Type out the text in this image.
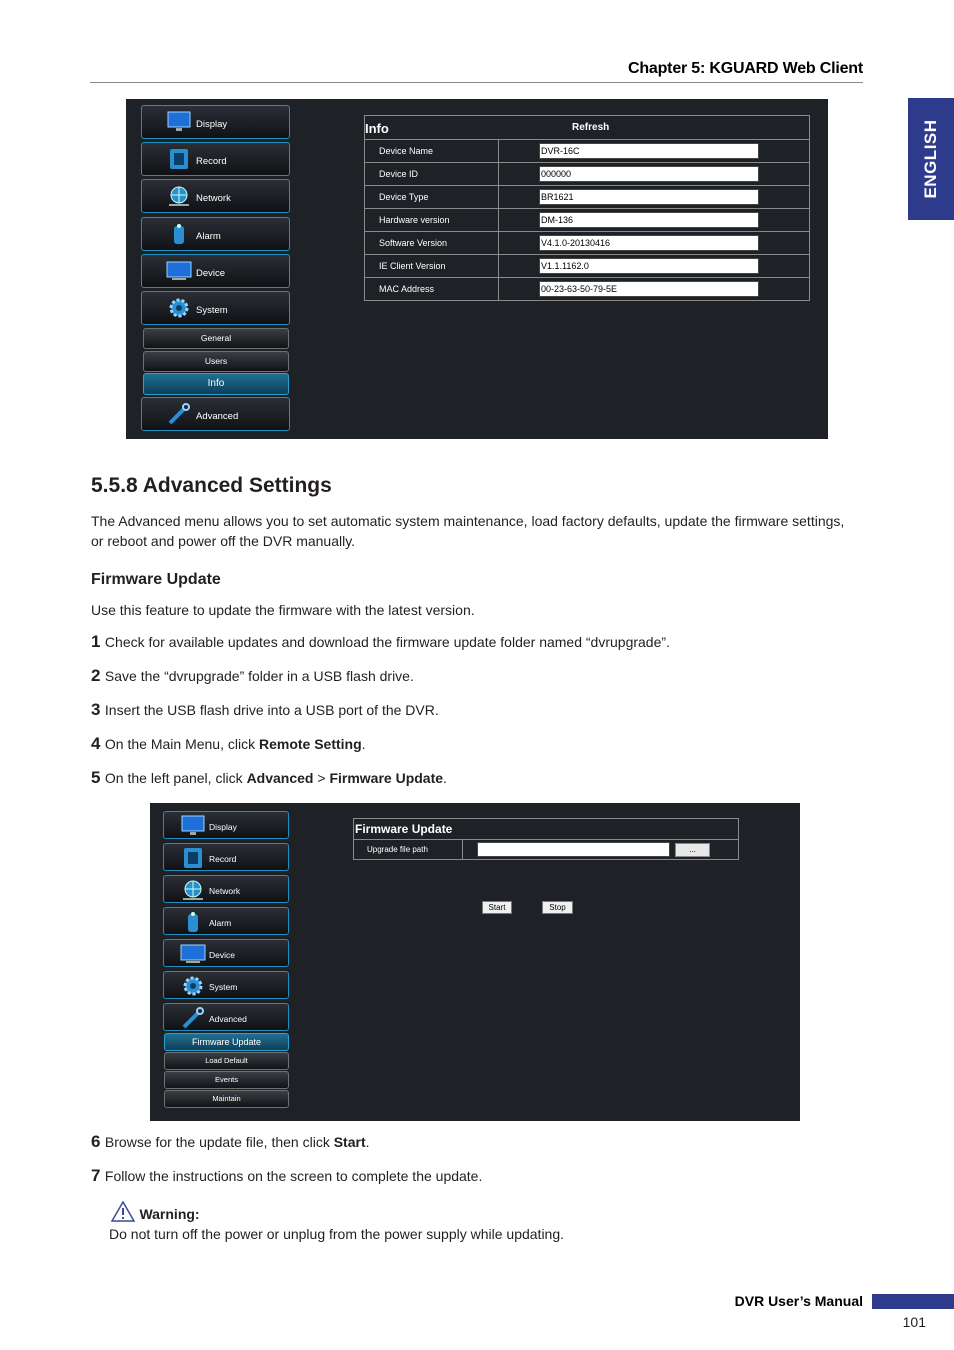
Chapter 5: KGUARD Web Client
ENGLISH
Display
Record
Network
Alarm
Device
System
General
Users
Info
Advanced
Info	Refresh
Device Name	DVR-16C
Device ID	000000
Device Type	BR1621
Hardware version	DM-136
Software Version	V4.1.0-20130416
IE Client Version	V1.1.1162.0
MAC Address	00-23-63-50-79-5E
5.5.8 Advanced Settings
The Advanced menu allows you to set automatic system maintenance, load factory defaults, update the firmware settings, or reboot and power off the DVR manually.
Firmware Update
Use this feature to update the firmware with the latest version.
1 Check for available updates and download the firmware update folder named “dvrupgrade”.
2 Save the “dvrupgrade” folder in a USB flash drive.
3 Insert the USB flash drive into a USB port of the DVR.
4 On the Main Menu, click Remote Setting.
5 On the left panel, click Advanced > Firmware Update.
Display
Record
Network
Alarm
Device
System
Advanced
Firmware Update
Load Default
Events
Maintain
Firmware Update
Upgrade file path	...
Start	Stop
6 Browse for the update file, then click Start.
7 Follow the instructions on the screen to complete the update.
Warning:
Do not turn off the power or unplug from the power supply while updating.
DVR User’s Manual
101
